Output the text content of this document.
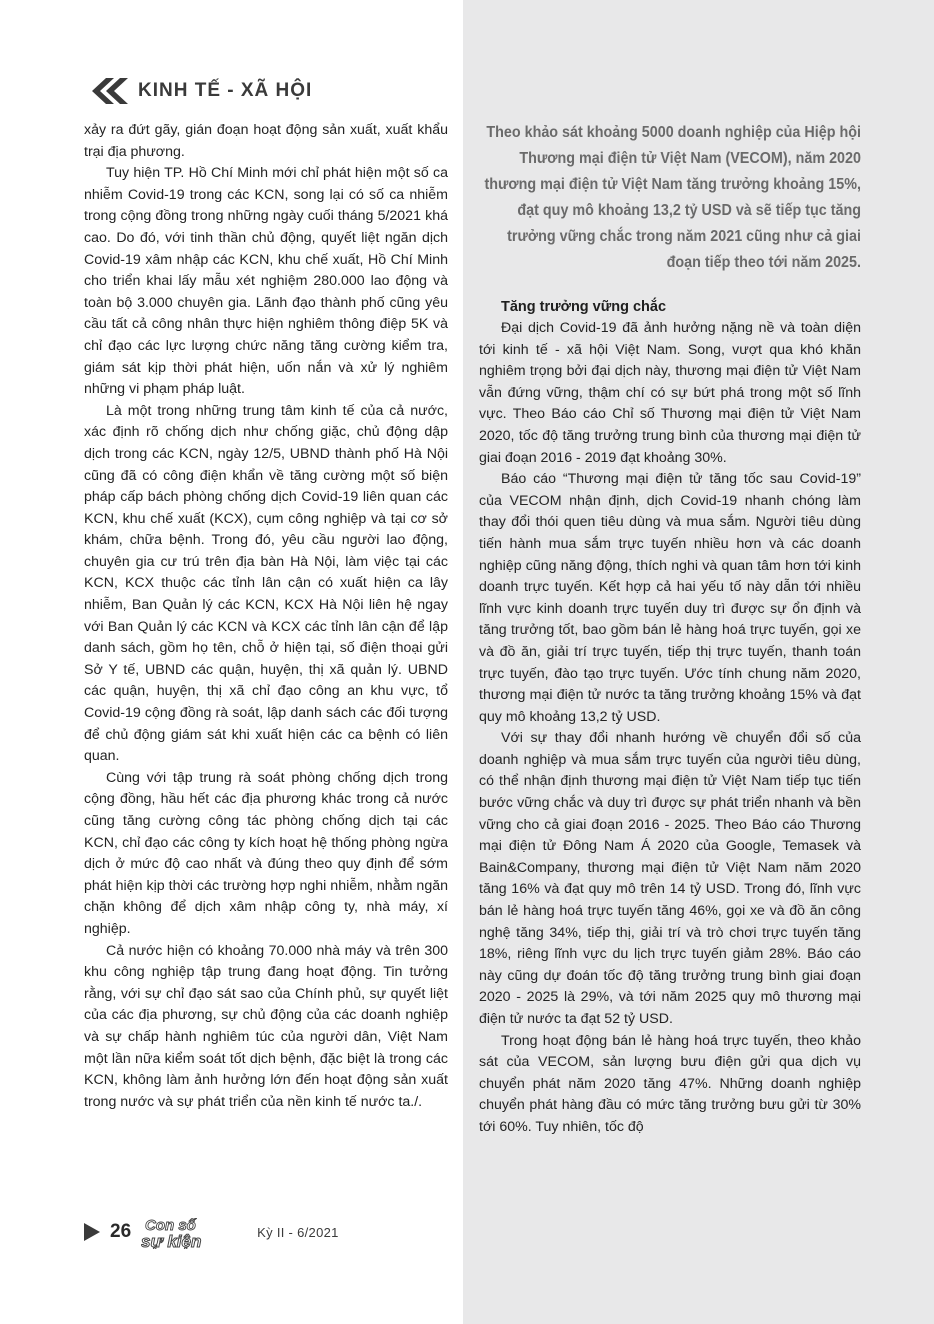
KINH TẾ - XÃ HỘI

xảy ra đứt gãy, gián đoạn hoạt động sản xuất, xuất khẩu trại địa phương.

Tuy hiện TP. Hồ Chí Minh mới chỉ phát hiện một số ca nhiễm Covid-19 trong các KCN, song lại có số ca nhiễm trong cộng đồng trong những ngày cuối tháng 5/2021 khá cao. Do đó, với tinh thần chủ động, quyết liệt ngăn dịch Covid-19 xâm nhập các KCN, khu chế xuất, Hồ Chí Minh cho triển khai lấy mẫu xét nghiệm 280.000 lao động và toàn bộ 3.000 chuyên gia. Lãnh đạo thành phố cũng yêu cầu tất cả công nhân thực hiện nghiêm thông điệp 5K và chỉ đạo các lực lượng chức năng tăng cường kiểm tra, giám sát kịp thời phát hiện, uốn nắn và xử lý nghiêm những vi phạm pháp luật.

Là một trong những trung tâm kinh tế của cả nước, xác định rõ chống dịch như chống giặc, chủ động dập dịch trong các KCN, ngày 12/5, UBND thành phố Hà Nội cũng đã có công điện khẩn về tăng cường một số biện pháp cấp bách phòng chống dịch Covid-19 liên quan các KCN, khu chế xuất (KCX), cụm công nghiệp và tại cơ sở khám, chữa bệnh. Trong đó, yêu cầu người lao động, chuyên gia cư trú trên địa bàn Hà Nội, làm việc tại các KCN, KCX thuộc các tỉnh lân cận có xuất hiện ca lây nhiễm, Ban Quản lý các KCN, KCX Hà Nội liên hệ ngay với Ban Quản lý các KCN và KCX các tỉnh lân cận để lập danh sách, gồm họ tên, chỗ ở hiện tại, số điện thoại gửi Sở Y tế, UBND các quận, huyện, thị xã quản lý. UBND các quận, huyện, thị xã chỉ đạo công an khu vực, tổ Covid-19 cộng đồng rà soát, lập danh sách các đối tượng để chủ động giám sát khi xuất hiện các ca bệnh có liên quan.

Cùng với tập trung rà soát phòng chống dịch trong cộng đồng, hầu hết các địa phương khác trong cả nước cũng tăng cường công tác phòng chống dịch tại các KCN, chỉ đạo các công ty kích hoạt hệ thống phòng ngừa dịch ở mức độ cao nhất và đúng theo quy định để sớm phát hiện kịp thời các trường hợp nghi nhiễm, nhằm ngăn chặn không để dịch xâm nhập công ty, nhà máy, xí nghiệp.

Cả nước hiện có khoảng 70.000 nhà máy và trên 300 khu công nghiệp tập trung đang hoạt động. Tin tưởng rằng, với sự chỉ đạo sát sao của Chính phủ, sự quyết liệt của các địa phương, sự chủ động của các doanh nghiệp và sự chấp hành nghiêm túc của người dân, Việt Nam một lần nữa kiểm soát tốt dịch bệnh, đặc biệt là trong các KCN, không làm ảnh hưởng lớn đến hoạt động sản xuất trong nước và sự phát triển của nền kinh tế nước ta./.

Theo khảo sát khoảng 5000 doanh nghiệp của Hiệp hội Thương mại điện tử Việt Nam (VECOM), năm 2020 thương mại điện tử Việt Nam tăng trưởng khoảng 15%, đạt quy mô khoảng 13,2 tỷ USD và sẽ tiếp tục tăng trưởng vững chắc trong năm 2021 cũng như cả giai đoạn tiếp theo tới năm 2025.

Tăng trưởng vững chắc

Đại dịch Covid-19 đã ảnh hưởng nặng nề và toàn diện tới kinh tế - xã hội Việt Nam. Song, vượt qua khó khăn nghiêm trọng bởi đại dịch này, thương mại điện tử Việt Nam vẫn đứng vững, thậm chí có sự bứt phá trong một số lĩnh vực. Theo Báo cáo Chỉ số Thương mại điện tử Việt Nam 2020, tốc độ tăng trưởng trung bình của thương mại điện tử giai đoạn 2016 - 2019 đạt khoảng 30%.

Báo cáo “Thương mại điện tử tăng tốc sau Covid-19” của VECOM nhận định, dịch Covid-19 nhanh chóng làm thay đổi thói quen tiêu dùng và mua sắm. Người tiêu dùng tiến hành mua sắm trực tuyến nhiều hơn và các doanh nghiệp cũng năng động, thích nghi và quan tâm hơn tới kinh doanh trực tuyến. Kết hợp cả hai yếu tố này dẫn tới nhiều lĩnh vực kinh doanh trực tuyến duy trì được sự ổn định và tăng trưởng tốt, bao gồm bán lẻ hàng hoá trực tuyến, gọi xe và đồ ăn, giải trí trực tuyến, tiếp thị trực tuyến, thanh toán trực tuyến, đào tạo trực tuyến. Ước tính chung năm 2020, thương mại điện tử nước ta tăng trưởng khoảng 15% và đạt quy mô khoảng 13,2 tỷ USD.

Với sự thay đổi nhanh hướng về chuyển đổi số của doanh nghiệp và mua sắm trực tuyến của người tiêu dùng, có thể nhận định thương mại điện tử Việt Nam tiếp tục tiến bước vững chắc và duy trì được sự phát triển nhanh và bền vững cho cả giai đoạn 2016 - 2025. Theo Báo cáo Thương mại điện tử Đông Nam Á 2020 của Google, Temasek và Bain&Company, thương mại điện tử Việt Nam năm 2020 tăng 16% và đạt quy mô trên 14 tỷ USD. Trong đó, lĩnh vực bán lẻ hàng hoá trực tuyến tăng 46%, gọi xe và đồ ăn công nghệ tăng 34%, tiếp thị, giải trí và trò chơi trực tuyến tăng 18%, riêng lĩnh vực du lịch trực tuyến giảm 28%. Báo cáo này cũng dự đoán tốc độ tăng trưởng trung bình giai đoạn 2020 - 2025 là 29%, và tới năm 2025 quy mô thương mại điện tử nước ta đạt 52 tỷ USD.

Trong hoạt động bán lẻ hàng hoá trực tuyến, theo khảo sát của VECOM, sản lượng bưu điện gửi qua dịch vụ chuyển phát năm 2020 tăng 47%. Những doanh nghiệp chuyển phát hàng đầu có mức tăng trưởng bưu gửi từ 30% tới 60%. Tuy nhiên, tốc độ

26 Con số
sự kiện	Kỳ II - 6/2021
